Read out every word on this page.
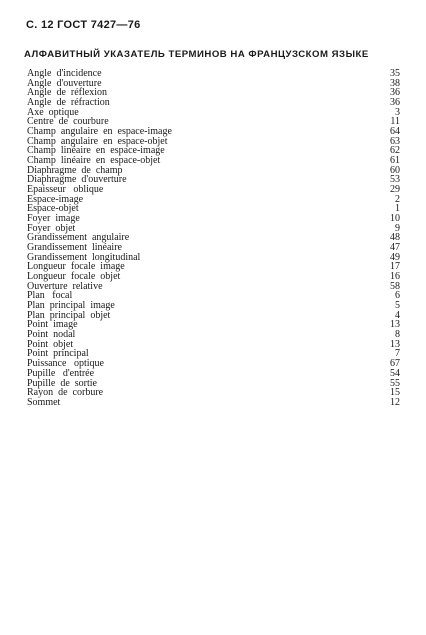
С. 12 ГОСТ 7427—76
АЛФАВИТНЫЙ УКАЗАТЕЛЬ ТЕРМИНОВ НА ФРАНЦУЗСКОМ ЯЗЫКЕ
Angle  d'incidence	35
Angle  d'ouverture	38
Angle  de  réflexion	36
Angle  de  réfraction	36
Axe  optique	3
Centre  de  courbure	11
Champ  angulaire  en  espace-image	64
Champ  angulaire  en  espace-objet	63
Champ  linéaire  en  espace-image	62
Champ  linéaire  en  espace-objet	61
Diaphragme  de  champ	60
Diaphragme  d'ouverture	53
Epaisseur   oblique	29
Espace-image	2
Espace-objet	1
Foyer  image	10
Foyer  objet	9
Grandissement  angulaire	48
Grandissement  linéaire	47
Grandissement  longitudinal	49
Longueur  focale  image	17
Longueur  focale  objet	16
Ouverture  relative	58
Plan   focal	6
Plan  principal  image	5
Plan  principal  objet	4
Point  image	13
Point  nodal	8
Point  objet	13
Point  principal	7
Puissance   optique	67
Pupille   d'entrée	54
Pupille  de  sortie	55
Rayon  de  corbure	15
Sommet	12
